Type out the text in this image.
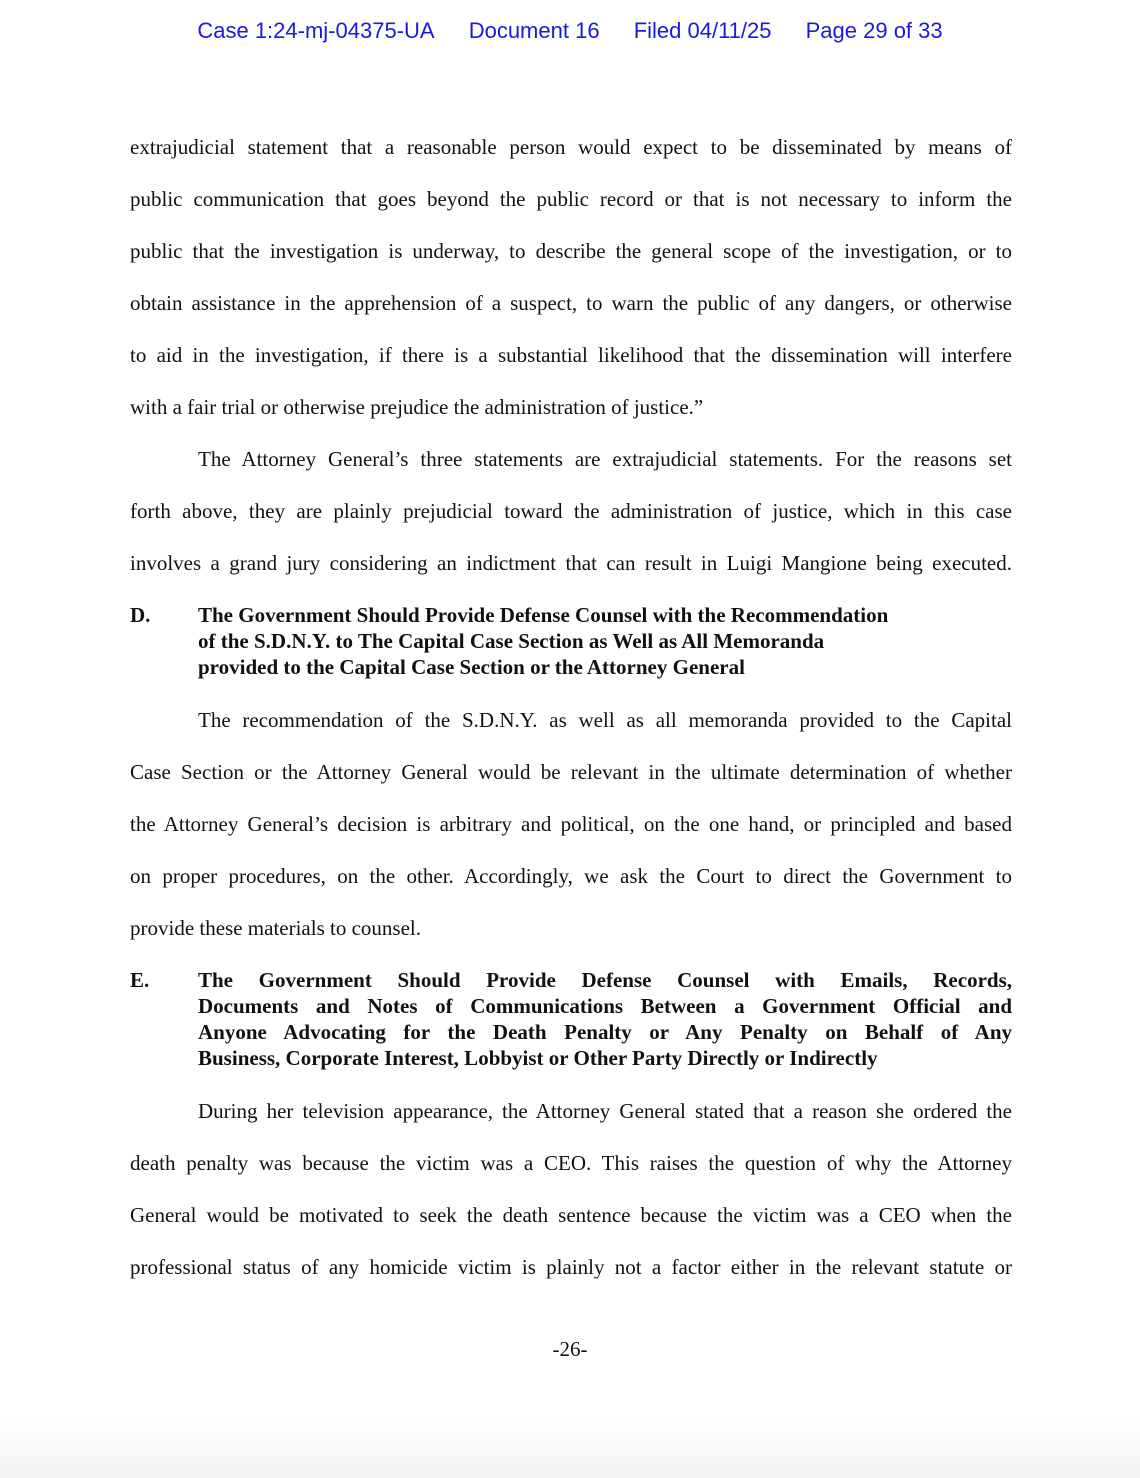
Case 1:24-mj-04375-UA Document 16 Filed 04/11/25 Page 29 of 33

extrajudicial statement that a reasonable person would expect to be disseminated by means of

public communication that goes beyond the public record or that is not necessary to inform the

public that the investigation is underway, to describe the general scope of the investigation, or to

obtain assistance in the apprehension of a suspect, to warn the public of any dangers, or otherwise

to aid in the investigation, if there is a substantial likelihood that the dissemination will interfere

with a fair trial or otherwise prejudice the administration of justice.”

The Attorney General’s three statements are extrajudicial statements. For the reasons set

forth above, they are plainly prejudicial toward the administration of justice, which in this case

involves a grand jury considering an indictment that can result in Luigi Mangione being executed.

D.	The Government Should Provide Defense Counsel with the Recommendation
of the S.D.N.Y. to The Capital Case Section as Well as All Memoranda
provided to the Capital Case Section or the Attorney General

The recommendation of the S.D.N.Y. as well as all memoranda provided to the Capital

Case Section or the Attorney General would be relevant in the ultimate determination of whether

the Attorney General’s decision is arbitrary and political, on the one hand, or principled and based

on proper procedures, on the other. Accordingly, we ask the Court to direct the Government to

provide these materials to counsel.

E.	The Government Should Provide Defense Counsel with Emails, Records,
Documents and Notes of Communications Between a Government Official and
Anyone Advocating for the Death Penalty or Any Penalty on Behalf of Any
Business, Corporate Interest, Lobbyist or Other Party Directly or Indirectly

During her television appearance, the Attorney General stated that a reason she ordered the

death penalty was because the victim was a CEO. This raises the question of why the Attorney

General would be motivated to seek the death sentence because the victim was a CEO when the

professional status of any homicide victim is plainly not a factor either in the relevant statute or

-26-
